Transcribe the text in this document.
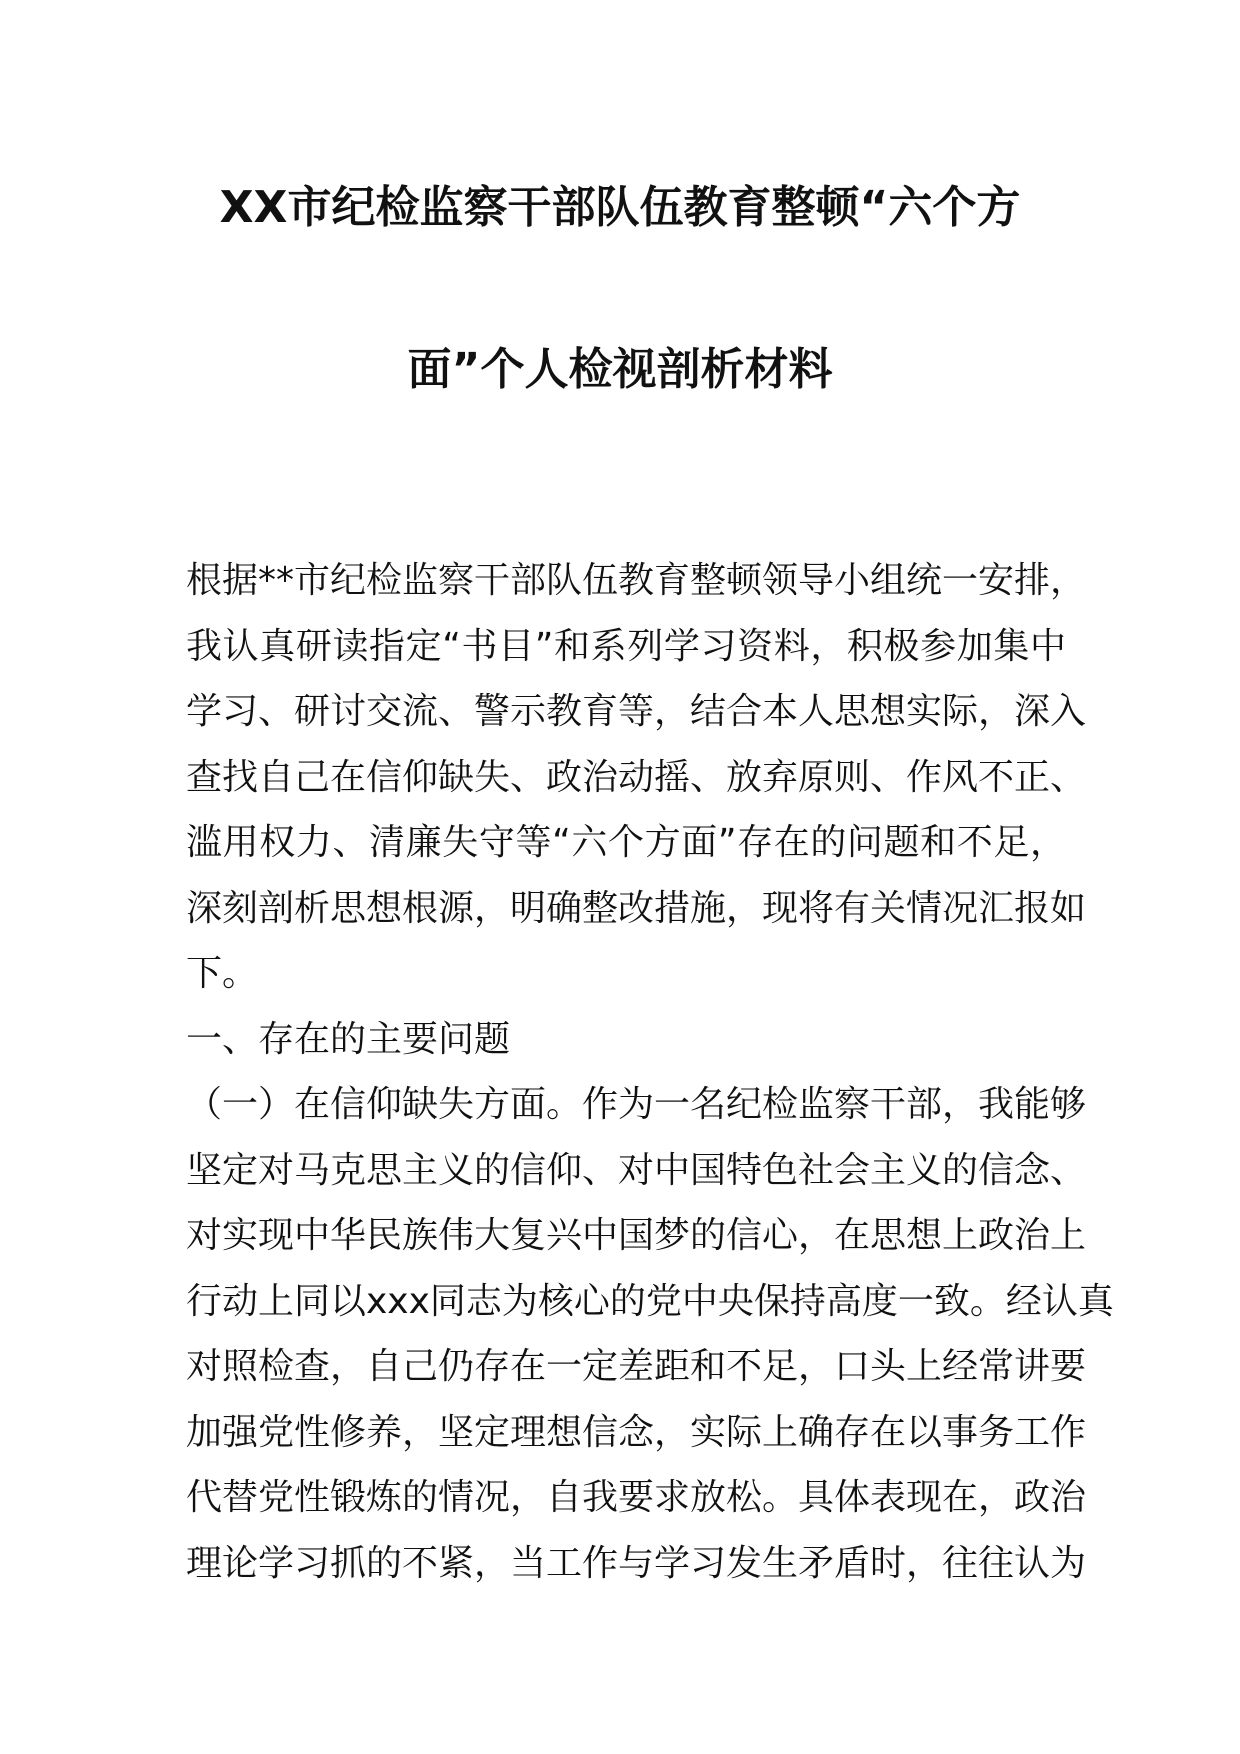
XX市纪检监察干部队伍教育整顿“六个方
面”个人检视剖析材料
根据**市纪检监察干部队伍教育整顿领导小组统一安排，
我认真研读指定“书目”和系列学习资料，积极参加集中
学习、研讨交流、警示教育等，结合本人思想实际，深入
查找自己在信仰缺失、政治动摇、放弃原则、作风不正、
滥用权力、清廉失守等“六个方面”存在的问题和不足，
深刻剖析思想根源，明确整改措施，现将有关情况汇报如
下。
一、存在的主要问题
（一）在信仰缺失方面。作为一名纪检监察干部，我能够
坚定对马克思主义的信仰、对中国特色社会主义的信念、
对实现中华民族伟大复兴中国梦的信心，在思想上政治上
行动上同以xxx同志为核心的党中央保持高度一致。经认真
对照检查，自己仍存在一定差距和不足，口头上经常讲要
加强党性修养，坚定理想信念，实际上确存在以事务工作
代替党性锻炼的情况，自我要求放松。具体表现在，政治
理论学习抓的不紧，当工作与学习发生矛盾时，往往认为
